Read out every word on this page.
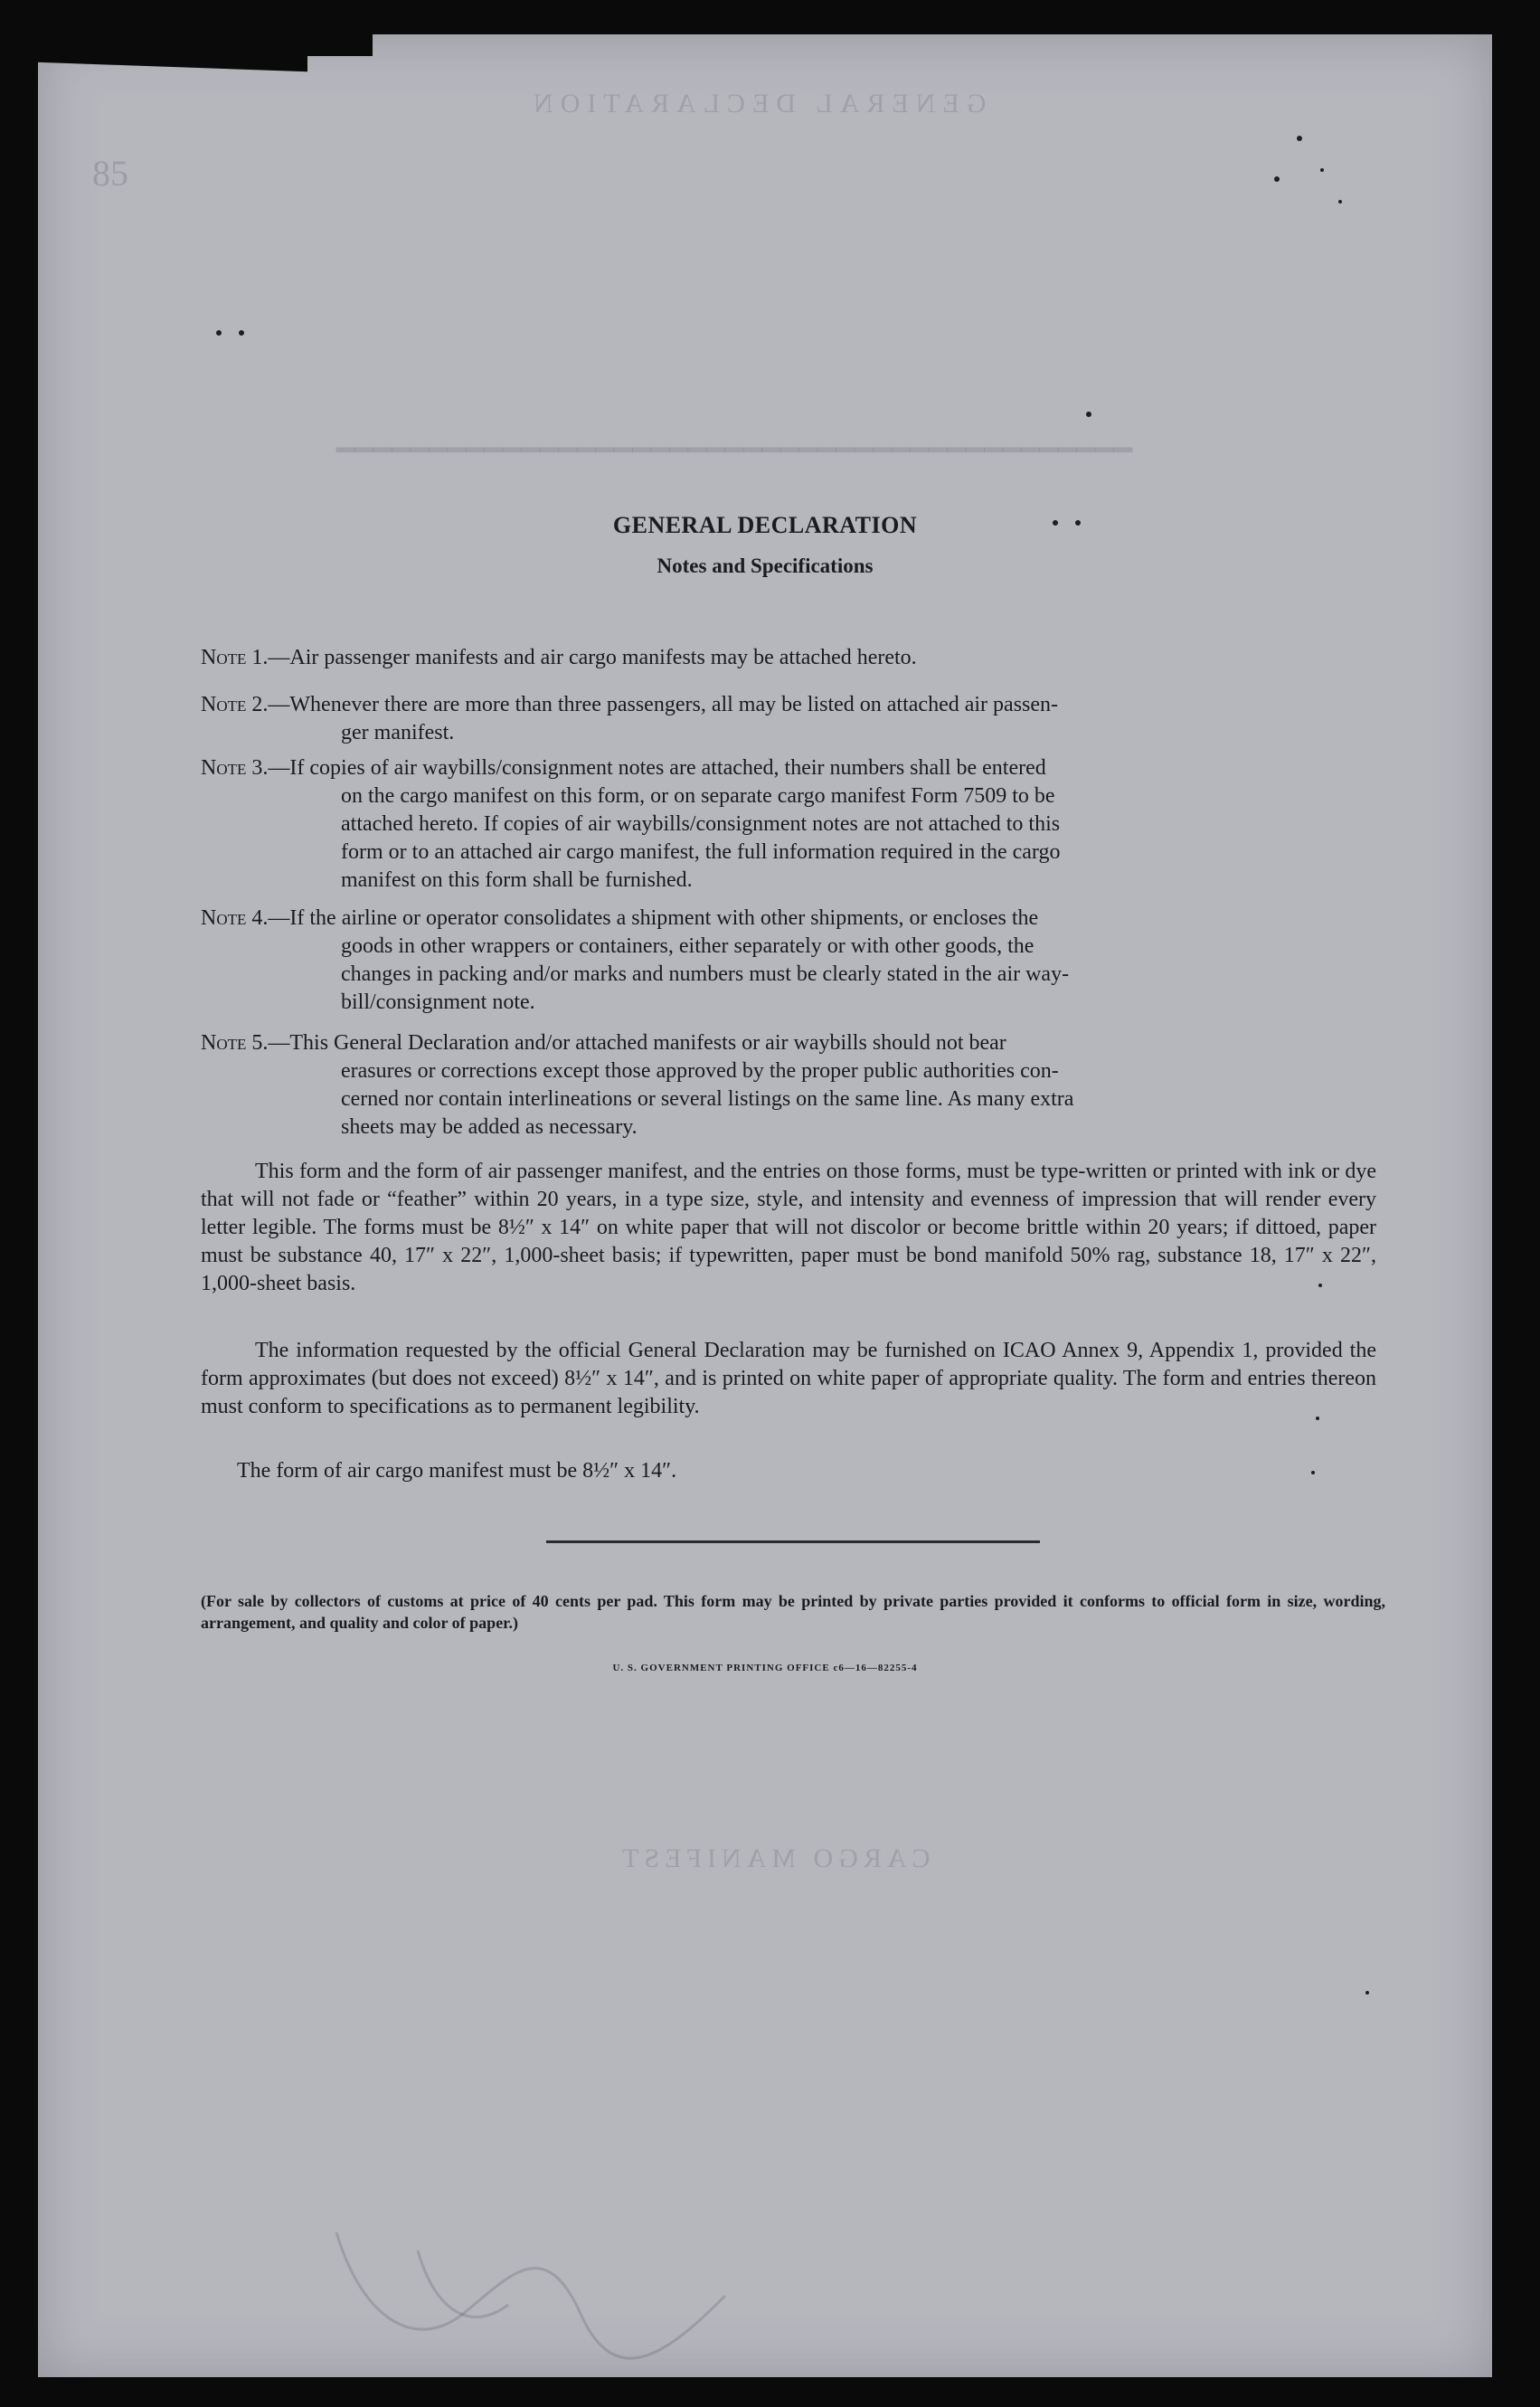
85
GENERAL DECLARATION
━━━━━━━━━━━━━━━━━━━━━━━━━━━━━━━━━━━━━━━━━━━
CARGO MANIFEST
GENERAL DECLARATION
Notes and Specifications
Note 1.—Air passenger manifests and air cargo manifests may be attached hereto.
Note 2.—Whenever there are more than three passengers, all may be listed on attached air passen-
ger manifest.
Note 3.—If copies of air waybills/consignment notes are attached, their numbers shall be entered
on the cargo manifest on this form, or on separate cargo manifest Form 7509 to be
attached hereto. If copies of air waybills/consignment notes are not attached to this
form or to an attached air cargo manifest, the full information required in the cargo
manifest on this form shall be furnished.
Note 4.—If the airline or operator consolidates a shipment with other shipments, or encloses the
goods in other wrappers or containers, either separately or with other goods, the
changes in packing and/or marks and numbers must be clearly stated in the air way-
bill/consignment note.
Note 5.—This General Declaration and/or attached manifests or air waybills should not bear
erasures or corrections except those approved by the proper public authorities con-
cerned nor contain interlineations or several listings on the same line. As many extra
sheets may be added as necessary.
This form and the form of air passenger manifest, and the entries on those forms, must be type-written or printed with ink or dye that will not fade or “feather” within 20 years, in a type size, style, and intensity and evenness of impression that will render every letter legible. The forms must be 8½″ x 14″ on white paper that will not discolor or become brittle within 20 years; if dittoed, paper must be substance 40, 17″ x 22″, 1,000-sheet basis; if typewritten, paper must be bond manifold 50% rag, substance 18, 17″ x 22″, 1,000-sheet basis.
The information requested by the official General Declaration may be furnished on ICAO Annex 9, Appendix 1, provided the form approximates (but does not exceed) 8½″ x 14″, and is printed on white paper of appropriate quality. The form and entries thereon must conform to specifications as to permanent legibility.
The form of air cargo manifest must be 8½″ x 14″.
(For sale by collectors of customs at price of 40 cents per pad. This form may be printed by private parties provided it conforms to official form in size, wording, arrangement, and quality and color of paper.)
U. S. GOVERNMENT PRINTING OFFICE c6—16—82255-4
